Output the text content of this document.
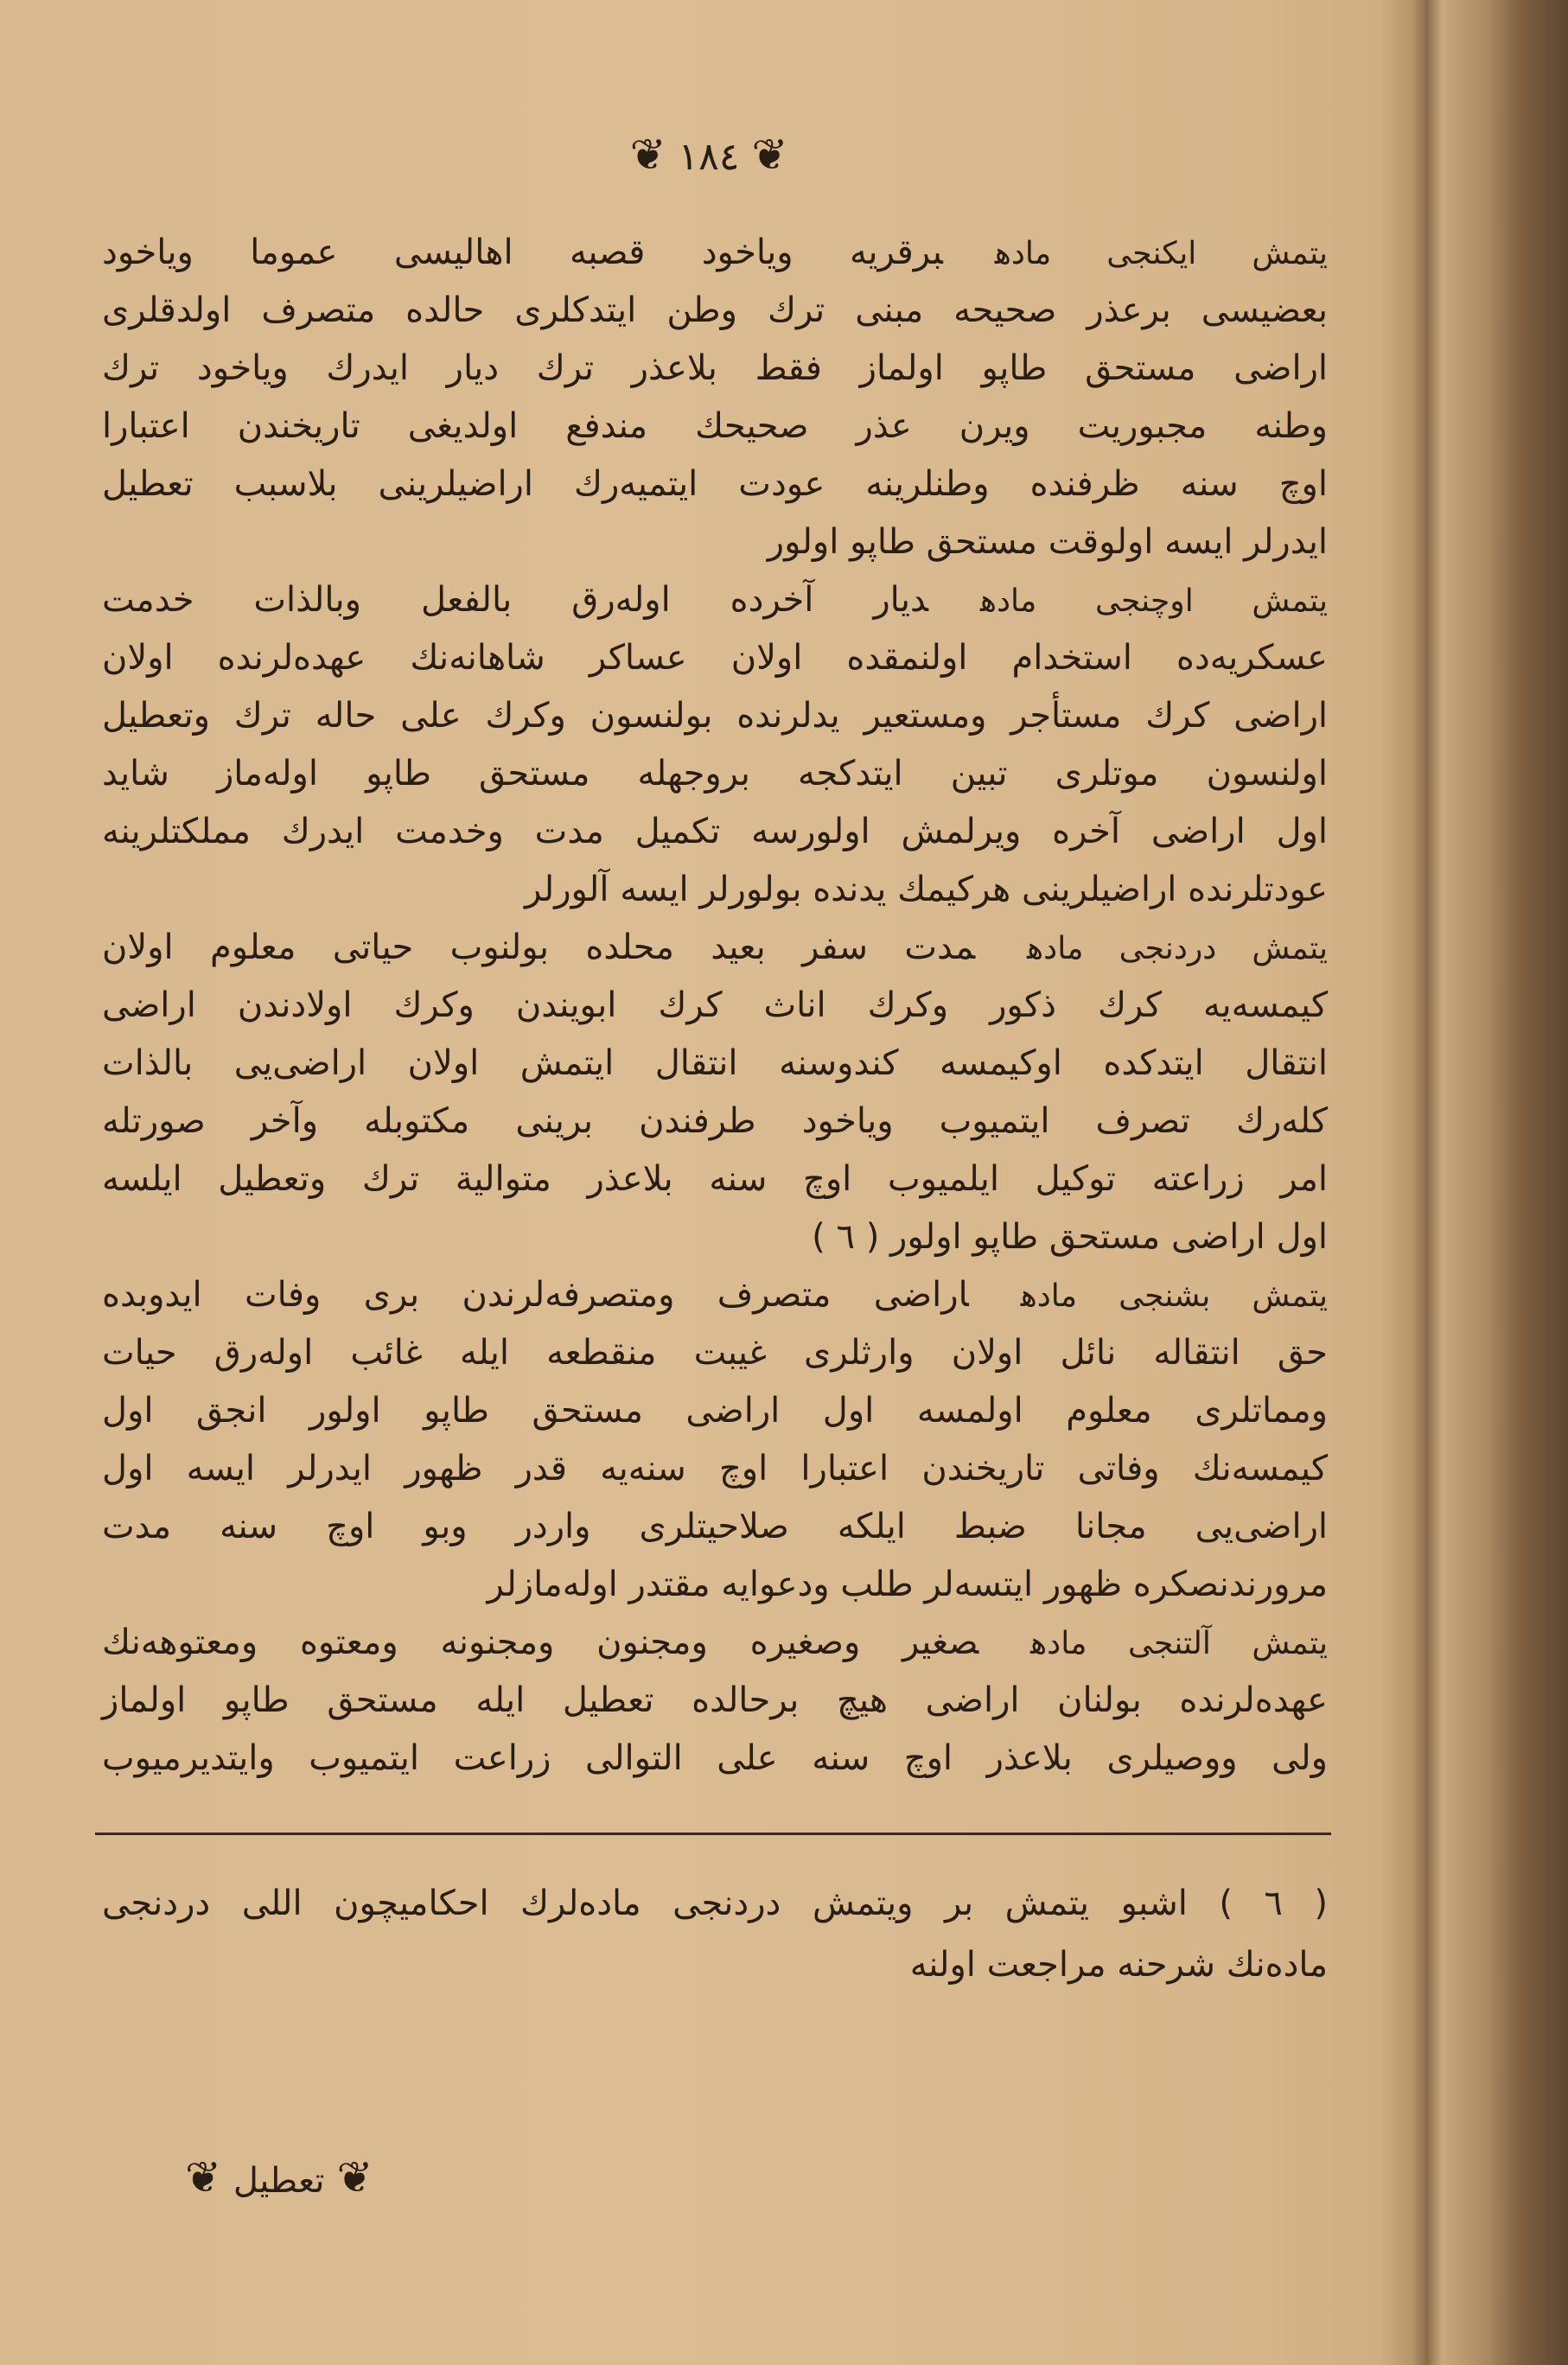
❦١٨٤❦
یتمش ایكنجی مادهبرقریه ویاخود قصبه اهالیسی عموما ویاخود
بعضیسی برعذر صحیحه مبنی ترك وطن ایتدكلری حالده متصرف اولدقلری
اراضی مستحق طاپو اولماز فقط بلاعذر ترك دیار ایدرك ویاخود ترك
وطنه مجبوریت ویرن عذر صحیحك مندفع اولدیغی تاریخندن اعتبارا
اوچ سنه ظرفنده وطنلرینه عودت ایتمیه‌رك اراضیلرینی بلاسبب تعطیل
ایدرلر ایسه اولوقت مستحق طاپو اولور
یتمش اوچنجی مادهدیار آخرده اوله‌رق بالفعل وبالذات خدمت
عسكریه‌ده استخدام اولنمقده اولان عساكر شاهانه‌نك عهده‌لرنده اولان
اراضی كرك مستأجر ومستعیر یدلرنده بولنسون وكرك علی حاله ترك وتعطیل
اولنسون موتلری تبین ایتدكجه بروجهله مستحق طاپو اوله‌ماز شاید
اول اراضی آخره ویرلمش اولورسه تكمیل مدت وخدمت ایدرك مملكتلرینه
عودتلرنده اراضیلرینی هركیمك یدنده بولورلر ایسه آلورلر
یتمش دردنجی مادهمدت سفر بعید محلده بولنوب حیاتی معلوم اولان
كیمسه‌یه كرك ذكور وكرك اناث كرك ابویندن وكرك اولادندن اراضی
انتقال ایتدكده اوكیمسه كندوسنه انتقال ایتمش اولان اراضی‌یی بالذات
كله‌رك تصرف ایتمیوب ویاخود طرفندن برینی مكتوبله وآخر صورتله
امر زراعته توكیل ایلمیوب اوچ سنه بلاعذر متوالیة ترك وتعطیل ایلسه
اول اراضی مستحق طاپو اولور ( ٦ )
یتمش بشنجی مادهاراضی متصرف ومتصرفه‌لرندن بری وفات ایدوبده
حق انتقاله نائل اولان وارثلری غیبت منقطعه ایله غائب اوله‌رق حیات
ومماتلری معلوم اولمسه اول اراضی مستحق طاپو اولور انجق اول
كیمسه‌نك وفاتی تاریخندن اعتبارا اوچ سنه‌یه قدر ظهور ایدرلر ایسه اول
اراضی‌یی مجانا ضبط ایلكه صلاحیتلری واردر وبو اوچ سنه مدت
مرورندنصكره ظهور ایتسه‌لر طلب ودعوایه مقتدر اوله‌مازلر
یتمش آلتنجی مادهصغیر وصغیره ومجنون ومجنونه ومعتوه ومعتوهه‌نك
عهده‌لرنده بولنان اراضی هیچ برحالده تعطیل ایله مستحق طاپو اولماز
ولی ووصیلری بلاعذر اوچ سنه علی التوالی زراعت ایتمیوب وایتدیرمیوب
( ٦ ) اشبو یتمش بر ویتمش دردنجی ماده‌لرك احكامیچون اللی دردنجی
ماده‌نك شرحنه مراجعت اولنه
❦تعطیل❦
